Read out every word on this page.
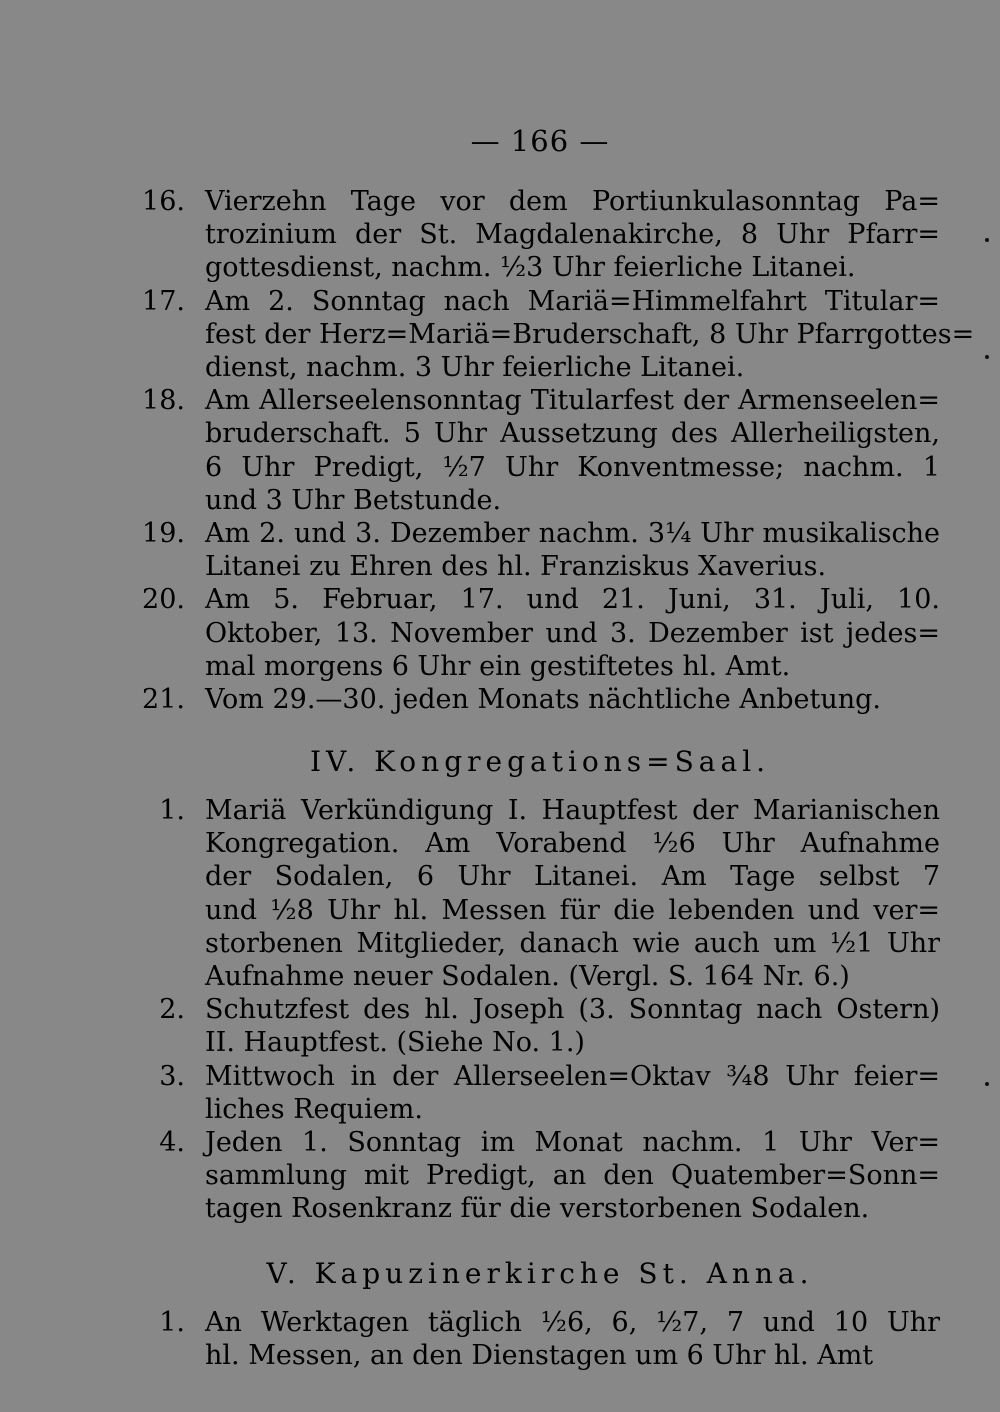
— 166 —
16. Vierzehn Tage vor dem Portiunkulasonntag Pa=
trozinium der St. Magdalenakirche, 8 Uhr Pfarr=
gottesdienst, nachm. ½3 Uhr feierliche Litanei.
17. Am 2. Sonntag nach Mariä=Himmelfahrt Titular=
fest der Herz=Mariä=Bruderschaft, 8 Uhr Pfarrgottes=
dienst, nachm. 3 Uhr feierliche Litanei.
18. Am Allerseelensonntag Titularfest der Armenseelen=
bruderschaft. 5 Uhr Aussetzung des Allerheiligsten,
6 Uhr Predigt, ½7 Uhr Konventmesse; nachm. 1
und 3 Uhr Betstunde.
19. Am 2. und 3. Dezember nachm. 3¼ Uhr musikalische
Litanei zu Ehren des hl. Franziskus Xaverius.
20. Am 5. Februar, 17. und 21. Juni, 31. Juli, 10.
Oktober, 13. November und 3. Dezember ist jedes=
mal morgens 6 Uhr ein gestiftetes hl. Amt.
21. Vom 29.—30. jeden Monats nächtliche Anbetung.
IV. Kongregations=Saal.
1. Mariä Verkündigung I. Hauptfest der Marianischen
Kongregation. Am Vorabend ½6 Uhr Aufnahme
der Sodalen, 6 Uhr Litanei. Am Tage selbst 7
und ½8 Uhr hl. Messen für die lebenden und ver=
storbenen Mitglieder, danach wie auch um ½1 Uhr
Aufnahme neuer Sodalen. (Vergl. S. 164 Nr. 6.)
2. Schutzfest des hl. Joseph (3. Sonntag nach Ostern)
II. Hauptfest. (Siehe No. 1.)
3. Mittwoch in der Allerseelen=Oktav ¾8 Uhr feier=
liches Requiem.
4. Jeden 1. Sonntag im Monat nachm. 1 Uhr Ver=
sammlung mit Predigt, an den Quatember=Sonn=
tagen Rosenkranz für die verstorbenen Sodalen.
V. Kapuzinerkirche St. Anna.
1. An Werktagen täglich ½6, 6, ½7, 7 und 10 Uhr
hl. Messen, an den Dienstagen um 6 Uhr hl. Amt
